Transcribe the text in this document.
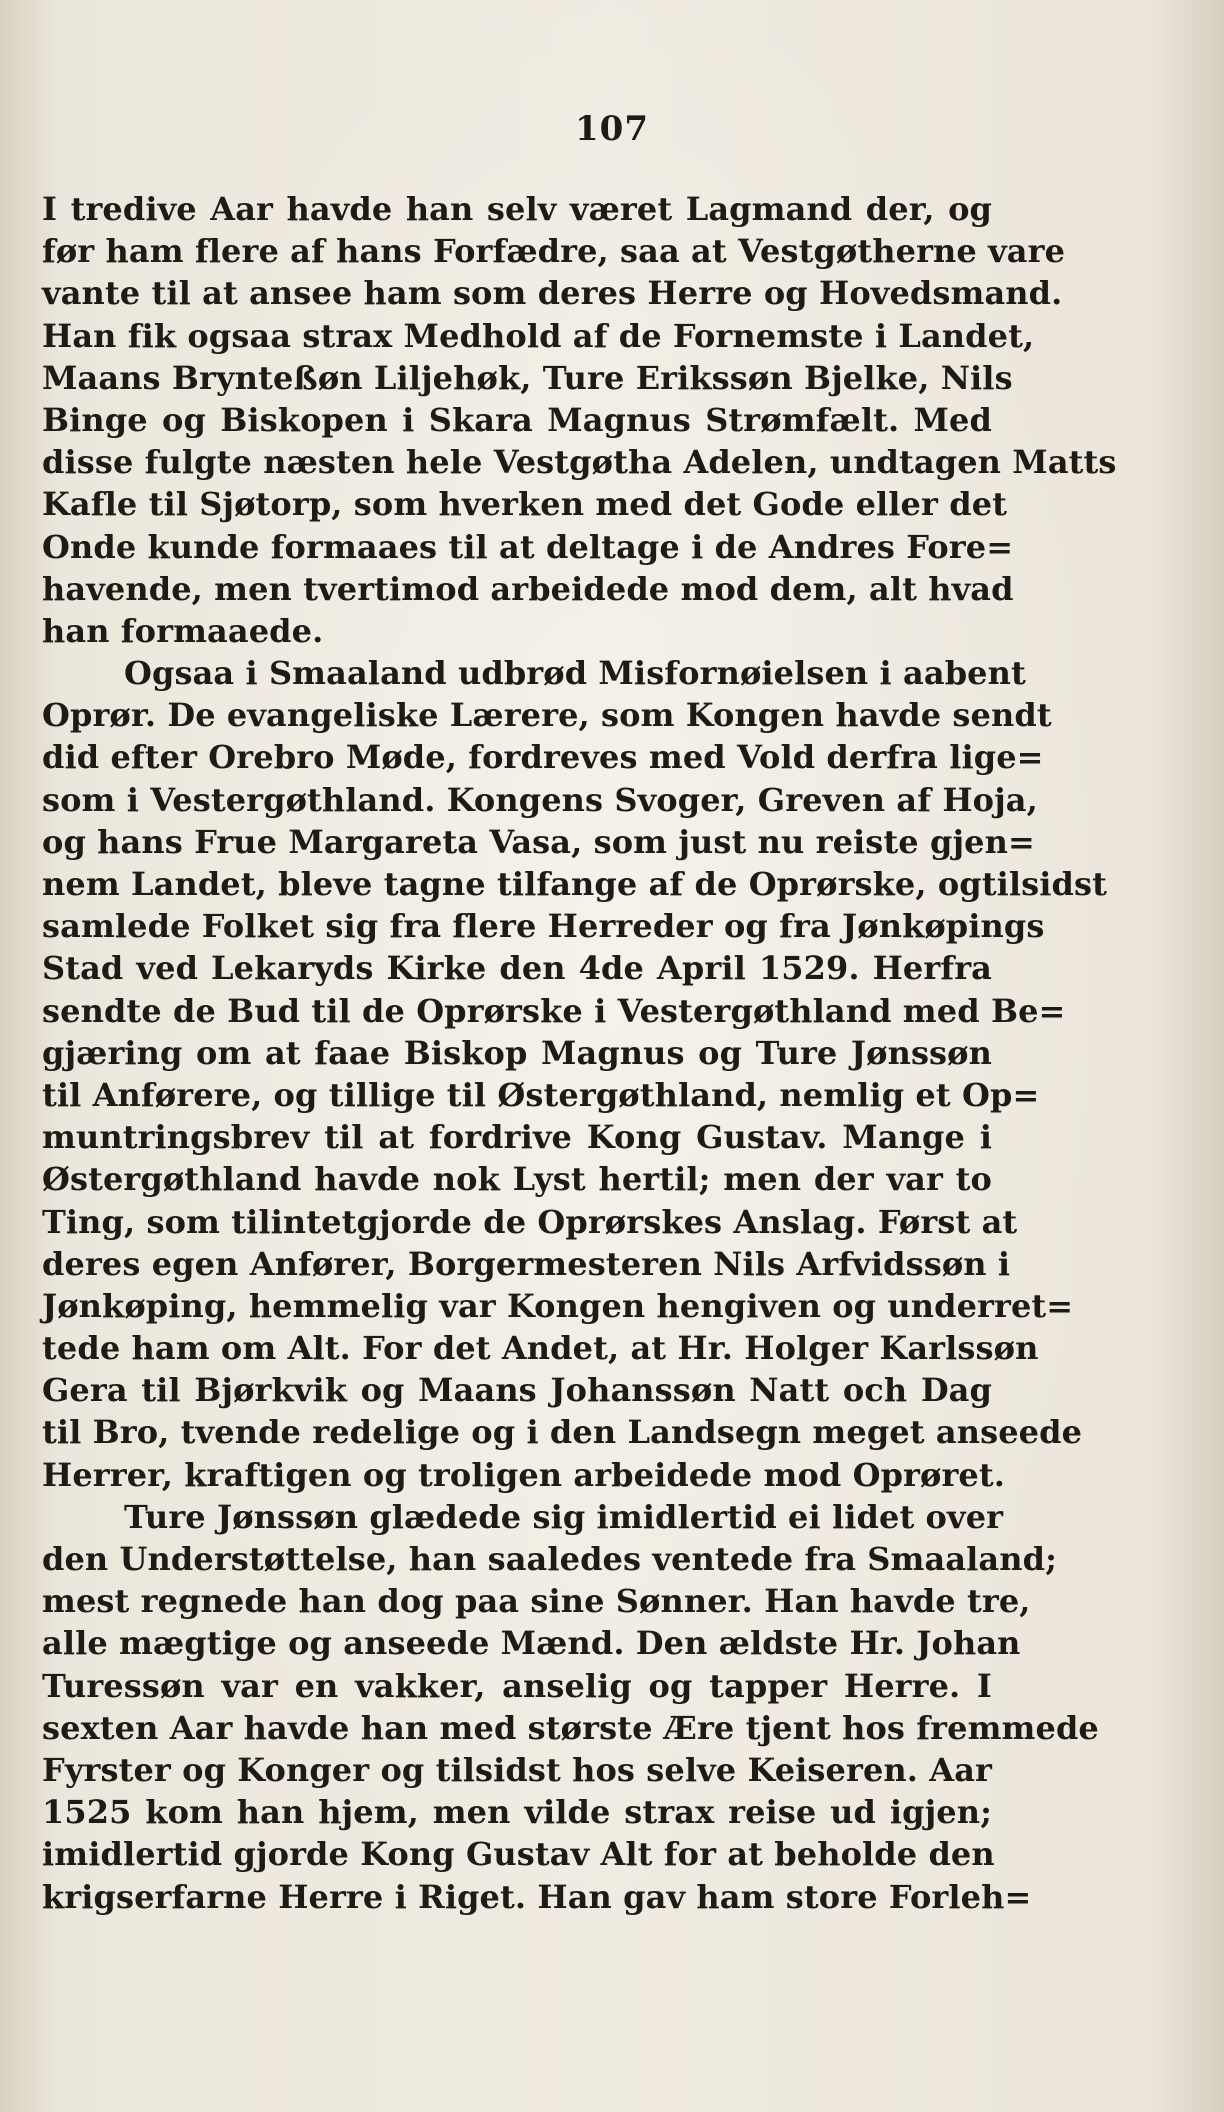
107
I tredive Aar havde han selv været Lagmand der, og
før ham flere af hans Forfædre, saa at Vestgøtherne vare
vante til at ansee ham som deres Herre og Hovedsmand.
Han fik ogsaa strax Medhold af de Fornemste i Landet,
Maans Brynteßøn Liljehøk, Ture Erikssøn Bjelke, Nils
Binge og Biskopen i Skara Magnus Strømfælt. Med
disse fulgte næsten hele Vestgøtha Adelen, undtagen Matts
Kafle til Sjøtorp, som hverken med det Gode eller det
Onde kunde formaaes til at deltage i de Andres Fore=
havende, men tvertimod arbeidede mod dem, alt hvad
han formaaede.
Ogsaa i Smaaland udbrød Misfornøielsen i aabent
Oprør. De evangeliske Lærere, som Kongen havde sendt
did efter Orebro Møde, fordreves med Vold derfra lige=
som i Vestergøthland. Kongens Svoger, Greven af Hoja,
og hans Frue Margareta Vasa, som just nu reiste gjen=
nem Landet, bleve tagne tilfange af de Oprørske, ogtilsidst
samlede Folket sig fra flere Herreder og fra Jønkøpings
Stad ved Lekaryds Kirke den 4de April 1529. Herfra
sendte de Bud til de Oprørske i Vestergøthland med Be=
gjæring om at faae Biskop Magnus og Ture Jønssøn
til Anførere, og tillige til Østergøthland, nemlig et Op=
muntringsbrev til at fordrive Kong Gustav. Mange i
Østergøthland havde nok Lyst hertil; men der var to
Ting, som tilintetgjorde de Oprørskes Anslag. Først at
deres egen Anfører, Borgermesteren Nils Arfvidssøn i
Jønkøping, hemmelig var Kongen hengiven og underret=
tede ham om Alt. For det Andet, at Hr. Holger Karlssøn
Gera til Bjørkvik og Maans Johanssøn Natt och Dag
til Bro, tvende redelige og i den Landsegn meget anseede
Herrer, kraftigen og troligen arbeidede mod Oprøret.
Ture Jønssøn glædede sig imidlertid ei lidet over
den Understøttelse, han saaledes ventede fra Smaaland;
mest regnede han dog paa sine Sønner. Han havde tre,
alle mægtige og anseede Mænd. Den ældste Hr. Johan
Turessøn var en vakker, anselig og tapper Herre. I
sexten Aar havde han med største Ære tjent hos fremmede
Fyrster og Konger og tilsidst hos selve Keiseren. Aar
1525 kom han hjem, men vilde strax reise ud igjen;
imidlertid gjorde Kong Gustav Alt for at beholde den
krigserfarne Herre i Riget. Han gav ham store Forleh=
